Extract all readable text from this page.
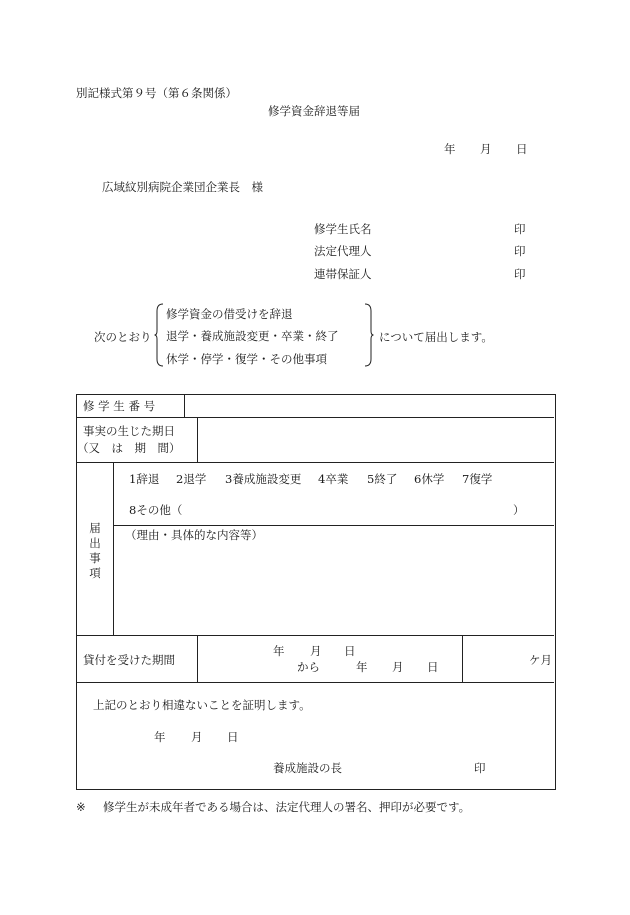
別記様式第９号（第６条関係）
修学資金辞退等届
年 月 日
広域紋別病院企業団企業長　様
修学生氏名	印
法定代理人	印
連帯保証人	印
次のとおり
修学資金の借受けを辞退
退学・養成施設変更・卒業・終了
休学・停学・復学・その他事項
について届出します。
修 学 生 番 号
事実の生じた期日
（又　は　期　間）
届
出
事
項
1辞退 2退学 3養成施設変更 4卒業 5終了 6休学 7復学
8その他（	）
（理由・具体的な内容等）
貸付を受けた期間
年 月 日
から	年 月 日	ケ月
上記のとおり相違ないことを証明します。
年 月 日
養成施設の長	印
※ 修学生が未成年者である場合は、法定代理人の署名、押印が必要です。
